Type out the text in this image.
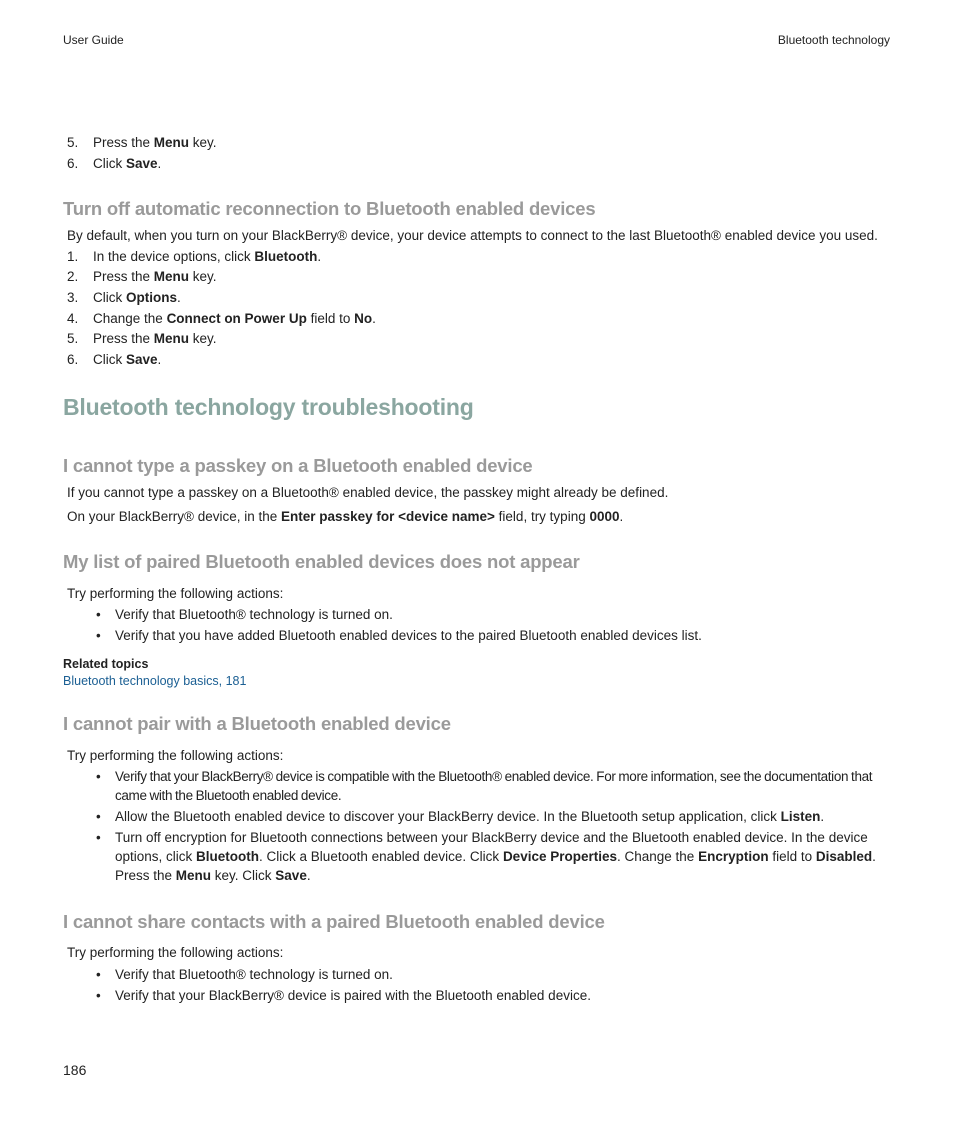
User Guide	Bluetooth technology
5. Press the Menu key.
6. Click Save.
Turn off automatic reconnection to Bluetooth enabled devices
By default, when you turn on your BlackBerry® device, your device attempts to connect to the last Bluetooth® enabled device you used.
1. In the device options, click Bluetooth.
2. Press the Menu key.
3. Click Options.
4. Change the Connect on Power Up field to No.
5. Press the Menu key.
6. Click Save.
Bluetooth technology troubleshooting
I cannot type a passkey on a Bluetooth enabled device
If you cannot type a passkey on a Bluetooth® enabled device, the passkey might already be defined.
On your BlackBerry® device, in the Enter passkey for <device name> field, try typing 0000.
My list of paired Bluetooth enabled devices does not appear
Try performing the following actions:
• Verify that Bluetooth® technology is turned on.
• Verify that you have added Bluetooth enabled devices to the paired Bluetooth enabled devices list.
Related topics
Bluetooth technology basics, 181
I cannot pair with a Bluetooth enabled device
Try performing the following actions:
• Verify that your BlackBerry® device is compatible with the Bluetooth® enabled device. For more information, see the documentation that came with the Bluetooth enabled device.
• Allow the Bluetooth enabled device to discover your BlackBerry device. In the Bluetooth setup application, click Listen.
• Turn off encryption for Bluetooth connections between your BlackBerry device and the Bluetooth enabled device. In the device options, click Bluetooth. Click a Bluetooth enabled device. Click Device Properties. Change the Encryption field to Disabled. Press the Menu key. Click Save.
I cannot share contacts with a paired Bluetooth enabled device
Try performing the following actions:
• Verify that Bluetooth® technology is turned on.
• Verify that your BlackBerry® device is paired with the Bluetooth enabled device.
186
